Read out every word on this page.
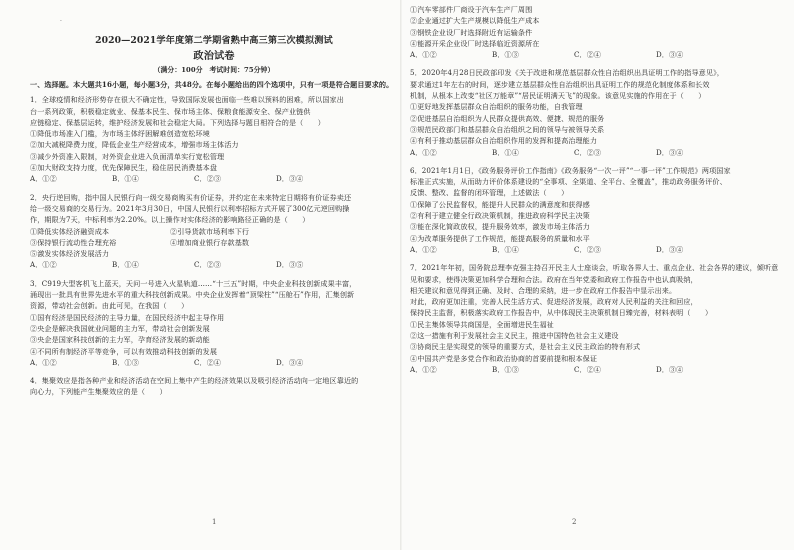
·
2020—2021学年度第二学期省熟中高三第三次模拟测试
政治试卷
（满分：100分　考试时间：75分钟）
一、选择题。本大题共16小题，每小题3分，共48分。在每小题给出的四个选项中，只有一项是符合题目要求的。
1．全球疫情和经济形势存在很大不确定性，导致国际发展也面临一些难以预料的困难，所以国家出
台一系列政策，积极稳定就业、保基本民生、保市场主体、保粮食能源安全、保产业链供
应链稳定、保基层运转，维护经济发展和社会稳定大局。下列选择与题目相符合的是（　　）
①降低市场准入门槛，为市场主体纾困解难创造宽松环境
②加大减税降费力度，降低企业生产经营成本，增强市场主体活力
③减少外资准入限制，对外资企业进入负面清单实行宽松管理
④加大财政支持力度，优先保障民生，稳住居民消费基本盘
A．①②	B．①④	C．②③	D．③④
2．央行逆回购，指中国人民银行向一级交易商购买有价证券，并约定在未来特定日期将有价证券卖还
给一级交易商的交易行为。2021年3月30日，中国人民银行以利率招标方式开展了300亿元逆回购操
作，期限为7天，中标利率为2.20%。以上操作对实体经济的影响路径正确的是（　　）
①降低实体经济融资成本	②引导货款市场利率下行
③保持银行流动性合理充裕	④增加商业银行存款基数
⑤激发实体经济发展活力
A．①②	B．①④	C．②③	D．③⑤
3．C919大型客机飞上蓝天，天问一号进入火星轨道……“十三五”时期，中央企业科技创新成果丰富，
涌现出一批具有世界先进水平的重大科技创新成果。中央企业发挥着“顶梁柱”“压舱石”作用，汇集创新
资源，带动社会创新。由此可见，在我国（　　）
①国有经济是国民经济的主导力量，在国民经济中起主导作用
②央企是解决我国就业问题的主力军，带动社会创新发展
③央企是国家科技创新的主力军，孕育经济发展的新动能
④不同所有制经济平等竞争，可以有效推动科技创新的发展
A．①②	B．①③	C．②④	D．③④
4．集聚效应是指各种产业和经济活动在空间上集中产生的经济效果以及吸引经济活动向一定地区靠近的
向心力，下列能产生集聚效应的是（　　）
1
①汽车零部件厂商设于汽车生产厂周围
②企业通过扩大生产规模以降低生产成本
③钢铁企业设厂时选择附近有运输条件
④能源开采企业设厂时选择临近资源所在
A．①②	B．①③	C．②④	D．③④
5．2020年4月28日民政部印发《关于改进和规范基层群众性自治组织出具证明工作的指导意见》，
要求通过1年左右的时间，逐步建立基层群众性自治组织出具证明工作的规范化制度体系和长效
机制，从根本上改变“社区万能章”“居民证明满天飞”的现象。该意见实施的作用在于（　　）
①更好地发挥基层群众自治组织的服务功能，自我管理
②促进基层自治组织为人民群众提供高效、便捷、规范的服务
③规范民政部门和基层群众自治组织之间的领导与被领导关系
④有利于推动基层群众自治组织作用的发挥和提高治理能力
A．①②	B．①④	C．②③	D．③④
6．2021年1月1日，《政务服务评价工作指南》《政务服务“一次一评”“一事一评”工作规范》两项国家
标准正式实施，从而助力评价体系建设的“全事项、全渠道、全平台、全覆盖”，推动政务服务评价、
反馈、整改、监督的闭环管理，上述做法（　　）
①保障了公民监督权，能提升人民群众的满意度和获得感
②有利于建立健全行政决策机制，推进政府科学民主决策
③能在深化简政放权，提升服务效率，激发市场主体活力
④为改革服务提供了工作规范，能提高服务的质量和水平
A．①②	B．①④	C．②③	D．③④
7．2021年年初，国务院总理李克强主持召开民主人士座谈会，听取各界人士、重点企业、社会各界的建议，倾听意
见和要求，使得决策更加科学合理和合法。政府在当年党委和政府工作报告中也认真吸纳，
相关建议和意见得到正确、及时、合理的采纳，进一步在政府工作报告中显示出来。
对此，政府更加注重，完善人民生活方式、促进经济发展，政府对人民利益的关注和回应，
保持民主监督，积极落实政府工作报告中，从中体现民主决策机制日臻完善，材料表明（　　）
①民主集体领导共商国是，全面增进民生福祉
②这一措施有利于发展社会主义民主，推进中国特色社会主义建设
③协商民主是实现党的领导的重要方式，是社会主义民主政治的特有形式
④中国共产党是多党合作和政治协商的首要前提和根本保证
A．①②	B．①③	C．②④	D．③④
2
